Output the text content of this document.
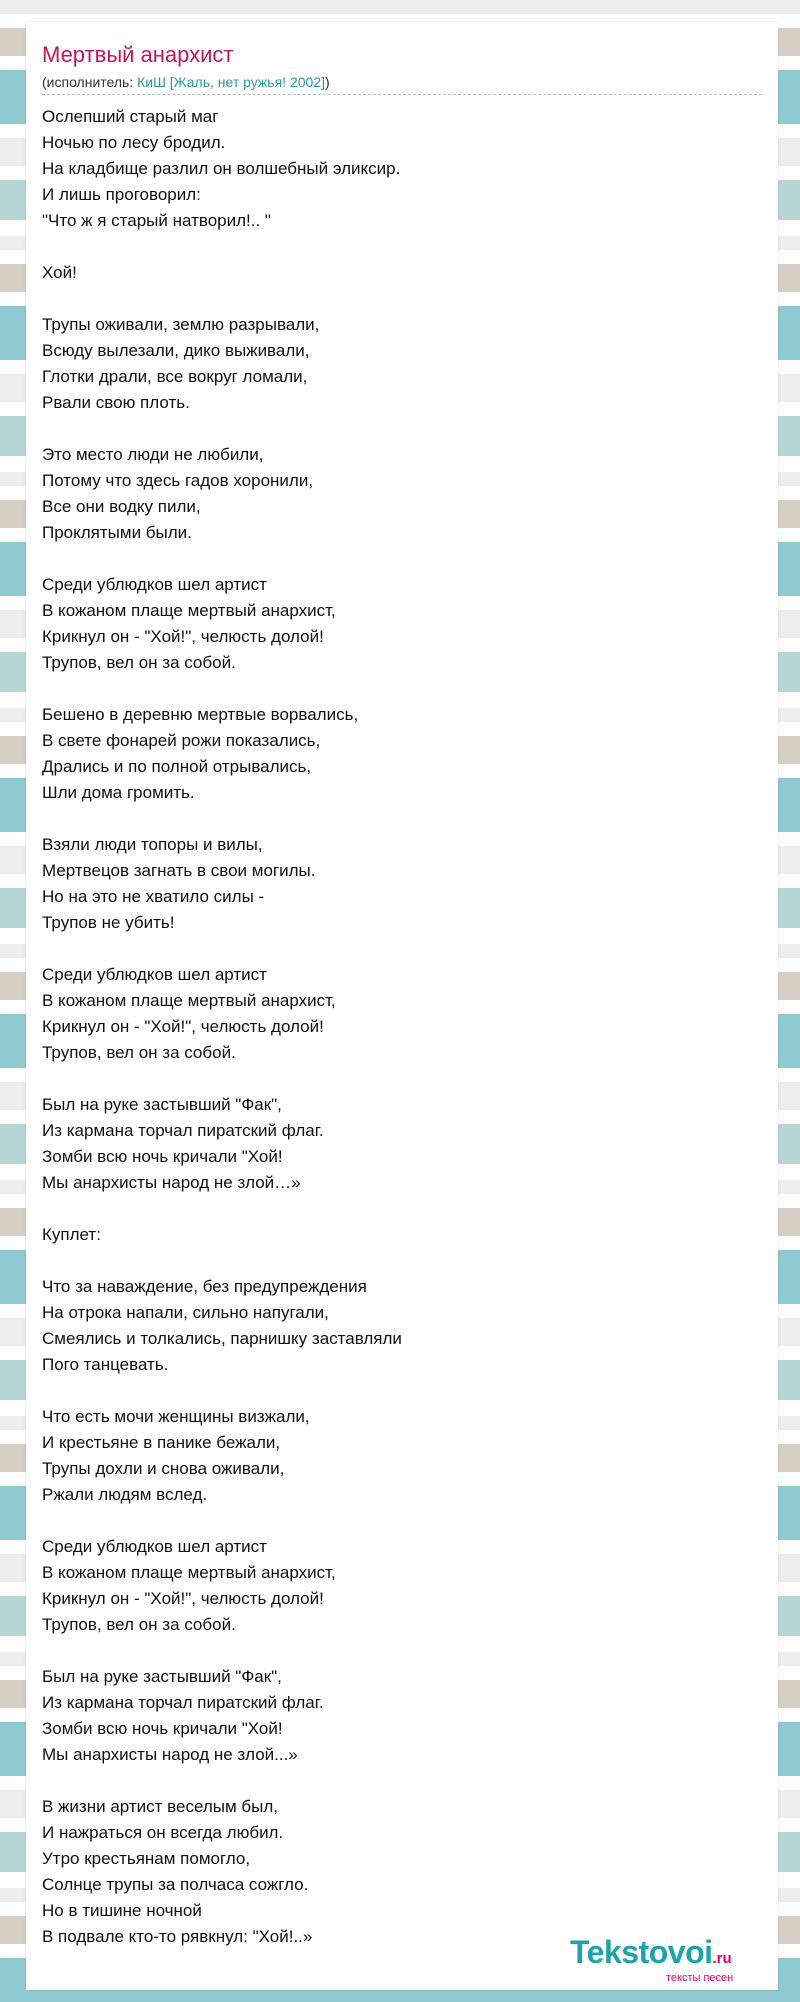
Мертвый анархист
(исполнитель: КиШ [Жаль, нет ружья! 2002])
Ослепший старый маг
Ночью по лесу бродил.
На кладбище разлил он волшебный эликсир.
И лишь проговорил:
"Что ж я старый натворил!.. "
Хой!
Трупы оживали, землю разрывали,
Всюду вылезали, дико выживали,
Глотки драли, все вокруг ломали,
Рвали свою плоть.
Это место люди не любили,
Потому что здесь гадов хоронили,
Все они водку пили,
Проклятыми были.
Среди ублюдков шел артист
В кожаном плаще мертвый анархист,
Крикнул он - "Хой!", челюсть долой!
Трупов, вел он за собой.
Бешено в деревню мертвые ворвались,
В свете фонарей рожи показались,
Дрались и по полной отрывались,
Шли дома громить.
Взяли люди топоры и вилы,
Мертвецов загнать в свои могилы.
Но на это не хватило силы -
Трупов не убить!
Среди ублюдков шел артист
В кожаном плаще мертвый анархист,
Крикнул он - "Хой!", челюсть долой!
Трупов, вел он за собой.
Был на руке застывший "Фак",
Из кармана торчал пиратский флаг.
Зомби всю ночь кричали "Хой!
Мы анархисты народ не злой…»
Куплет:
Что за наваждение, без предупреждения
На отрока напали, сильно напугали,
Смеялись и толкались, парнишку заставляли
Пого танцевать.
Что есть мочи женщины визжали,
И крестьяне в панике бежали,
Трупы дохли и снова оживали,
Ржали людям вслед.
Среди ублюдков шел артист
В кожаном плаще мертвый анархист,
Крикнул он - "Хой!", челюсть долой!
Трупов, вел он за собой.
Был на руке застывший "Фак",
Из кармана торчал пиратский флаг.
Зомби всю ночь кричали "Хой!
Мы анархисты народ не злой...»
В жизни артист веселым был,
И нажраться он всегда любил.
Утро крестьянам помогло,
Солнце трупы за полчаса сожгло.
Но в тишине ночной
В подвале кто-то рявкнул: "Хой!..»	Tekstovoi.ru
тексты песен
